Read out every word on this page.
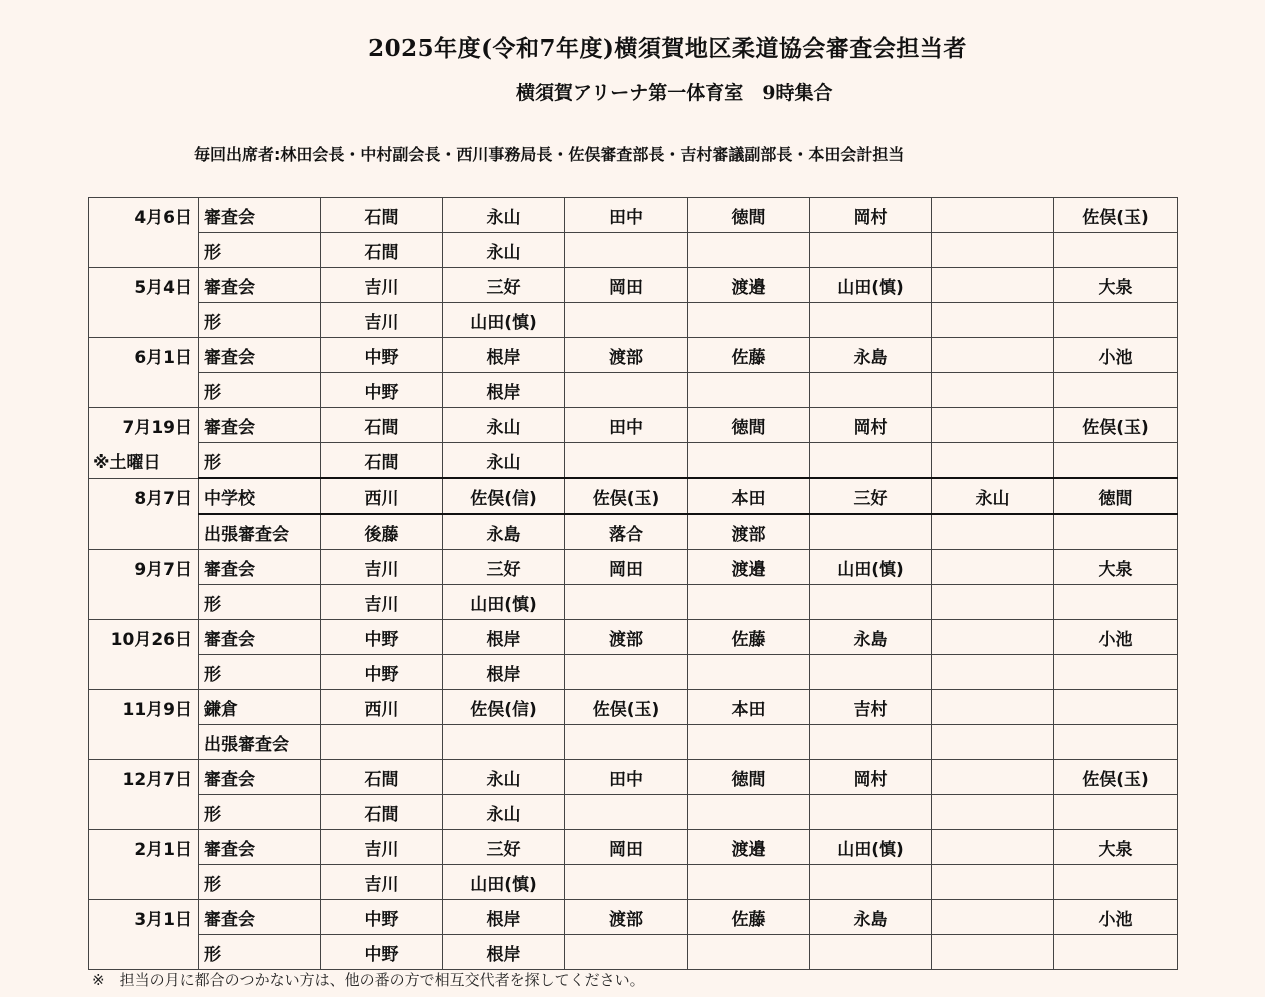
2025年度(令和7年度)横須賀地区柔道協会審査会担当者
横須賀アリーナ第一体育室　9時集合
毎回出席者:林田会長・中村副会長・西川事務局長・佐俣審査部長・吉村審議副部長・本田会計担当
4月6日	審査会	石間	永山	田中	徳間	岡村		佐俣(玉)
	形	石間	永山					
5月4日	審査会	吉川	三好	岡田	渡邉	山田(慎)		大泉
	形	吉川	山田(慎)					
6月1日	審査会	中野	根岸	渡部	佐藤	永島		小池
	形	中野	根岸					
7月19日	審査会	石間	永山	田中	徳間	岡村		佐俣(玉)
※土曜日	形	石間	永山					
8月7日	中学校	西川	佐俣(信)	佐俣(玉)	本田	三好	永山	徳間
	出張審査会	後藤	永島	落合	渡部			
9月7日	審査会	吉川	三好	岡田	渡邉	山田(慎)		大泉
	形	吉川	山田(慎)					
10月26日	審査会	中野	根岸	渡部	佐藤	永島		小池
	形	中野	根岸					
11月9日	鎌倉	西川	佐俣(信)	佐俣(玉)	本田	吉村		
	出張審査会							
12月7日	審査会	石間	永山	田中	徳間	岡村		佐俣(玉)
	形	石間	永山					
2月1日	審査会	吉川	三好	岡田	渡邉	山田(慎)		大泉
	形	吉川	山田(慎)					
3月1日	審査会	中野	根岸	渡部	佐藤	永島		小池
	形	中野	根岸					
※　担当の月に都合のつかない方は、他の番の方で相互交代者を探してください。
